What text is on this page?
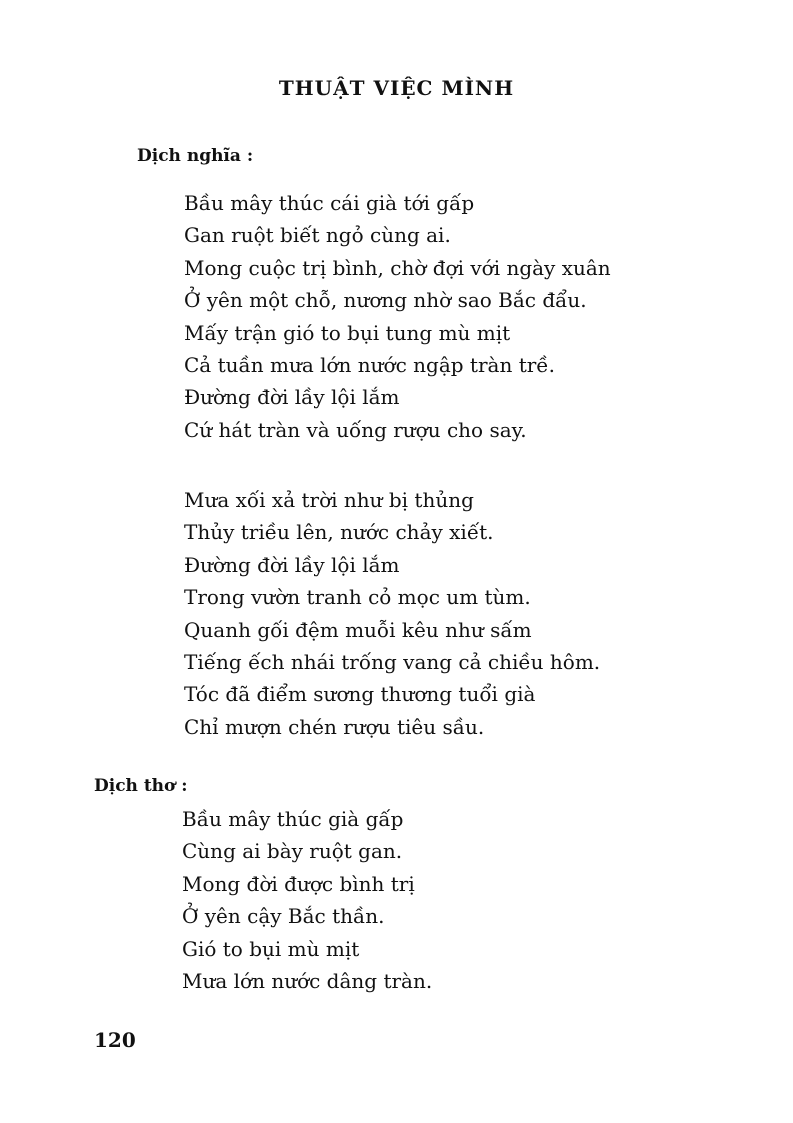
THUẬT VIỆC MÌNH
Dịch nghĩa :
Bầu mây thúc cái già tới gấp
Gan ruột biết ngỏ cùng ai.
Mong cuộc trị bình, chờ đợi với ngày xuân
Ở yên một chỗ, nương nhờ sao Bắc đẩu.
Mấy trận gió to bụi tung mù mịt
Cả tuần mưa lớn nước ngập tràn trề.
Đường đời lầy lội lắm
Cứ hát tràn và uống rượu cho say.
Mưa xối xả trời như bị thủng
Thủy triều lên, nước chảy xiết.
Đường đời lầy lội lắm
Trong vườn tranh cỏ mọc um tùm.
Quanh gối đệm muỗi kêu như sấm
Tiếng ếch nhái trống vang cả chiều hôm.
Tóc đã điểm sương thương tuổi già
Chỉ mượn chén rượu tiêu sầu.
Dịch thơ :
Bầu mây thúc già gấp
Cùng ai bày ruột gan.
Mong đời được bình trị
Ở yên cậy Bắc thần.
Gió to bụi mù mịt
Mưa lớn nước dâng tràn.
120
